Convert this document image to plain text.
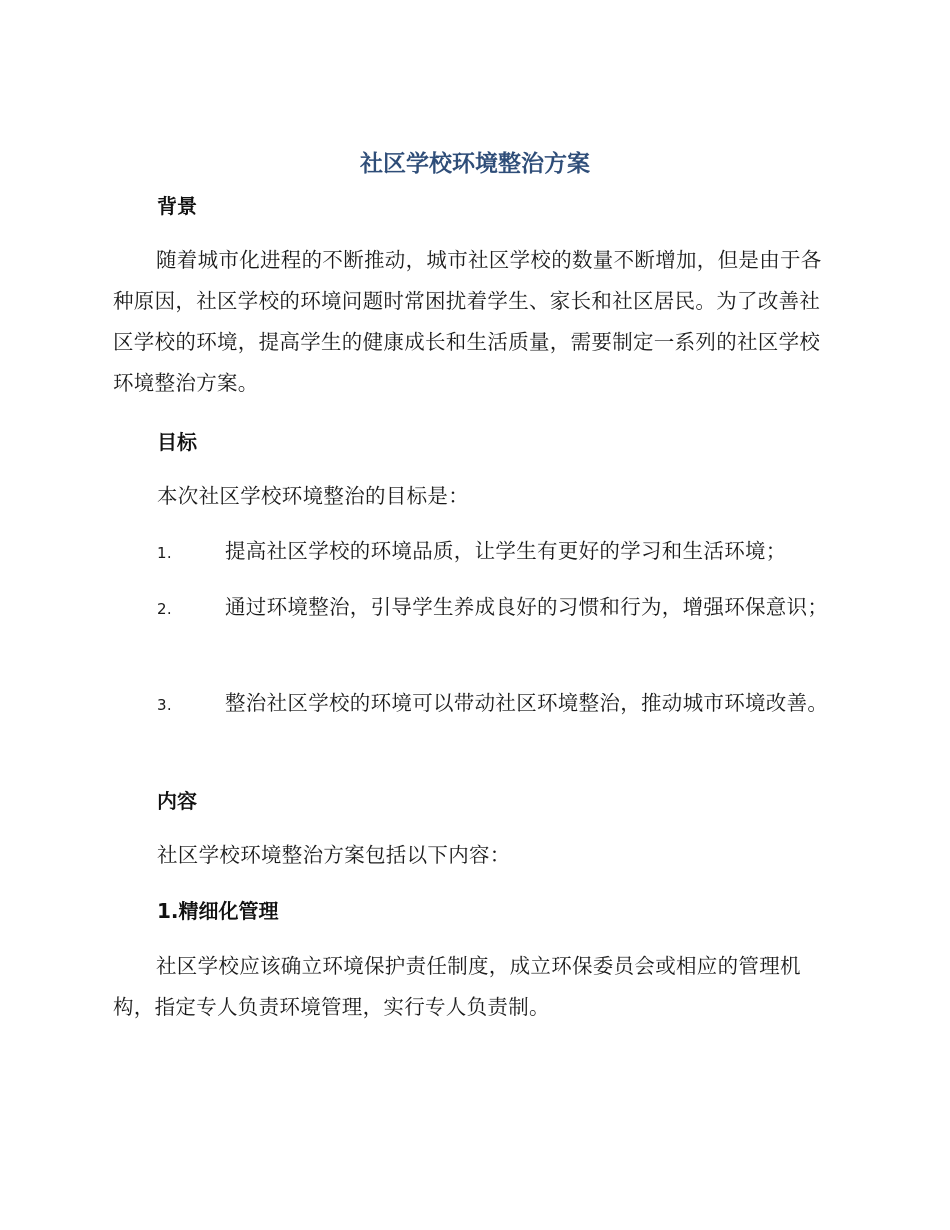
社区学校环境整治方案
背景
随着城市化进程的不断推动，城市社区学校的数量不断增加，但是由于各种原因，社区学校的环境问题时常困扰着学生、家长和社区居民。为了改善社区学校的环境，提高学生的健康成长和生活质量，需要制定一系列的社区学校环境整治方案。
目标
本次社区学校环境整治的目标是：
1.	提高社区学校的环境品质，让学生有更好的学习和生活环境；
2.	通过环境整治，引导学生养成良好的习惯和行为，增强环保意识；
3.	整治社区学校的环境可以带动社区环境整治，推动城市环境改善。
内容
社区学校环境整治方案包括以下内容：
1.精细化管理
社区学校应该确立环境保护责任制度，成立环保委员会或相应的管理机构，指定专人负责环境管理，实行专人负责制。
